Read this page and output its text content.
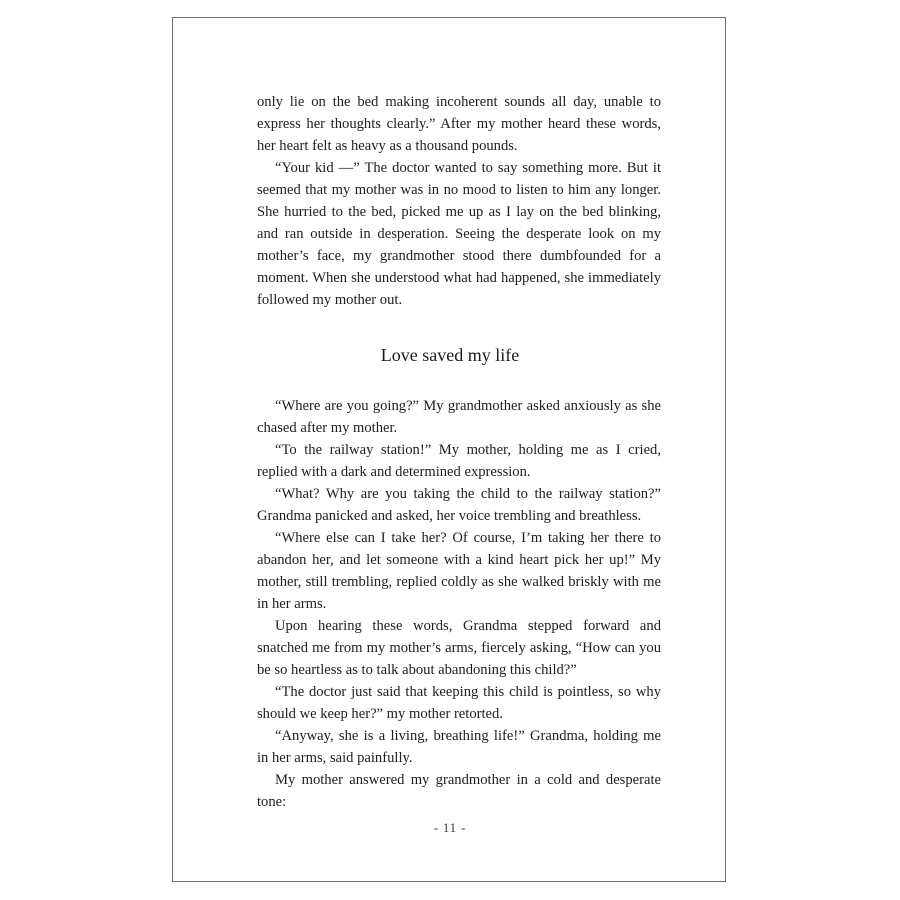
only lie on the bed making incoherent sounds all day, unable to express her thoughts clearly.” After my mother heard these words, her heart felt as heavy as a thousand pounds.

“Your kid —” The doctor wanted to say something more. But it seemed that my mother was in no mood to listen to him any longer. She hurried to the bed, picked me up as I lay on the bed blinking, and ran outside in desperation. Seeing the desperate look on my mother’s face, my grandmother stood there dumbfounded for a moment. When she understood what had happened, she immediately followed my mother out.

Love saved my life

“Where are you going?” My grandmother asked anxiously as she chased after my mother.

“To the railway station!” My mother, holding me as I cried, replied with a dark and determined expression.

“What? Why are you taking the child to the railway station?” Grandma panicked and asked, her voice trembling and breathless.

“Where else can I take her? Of course, I’m taking her there to abandon her, and let someone with a kind heart pick her up!” My mother, still trembling, replied coldly as she walked briskly with me in her arms.

Upon hearing these words, Grandma stepped forward and snatched me from my mother’s arms, fiercely asking, “How can you be so heartless as to talk about abandoning this child?”

“The doctor just said that keeping this child is pointless, so why should we keep her?” my mother retorted.

“Anyway, she is a living, breathing life!” Grandma, holding me in her arms, said painfully.

My mother answered my grandmother in a cold and desperate tone:

- 11 -
